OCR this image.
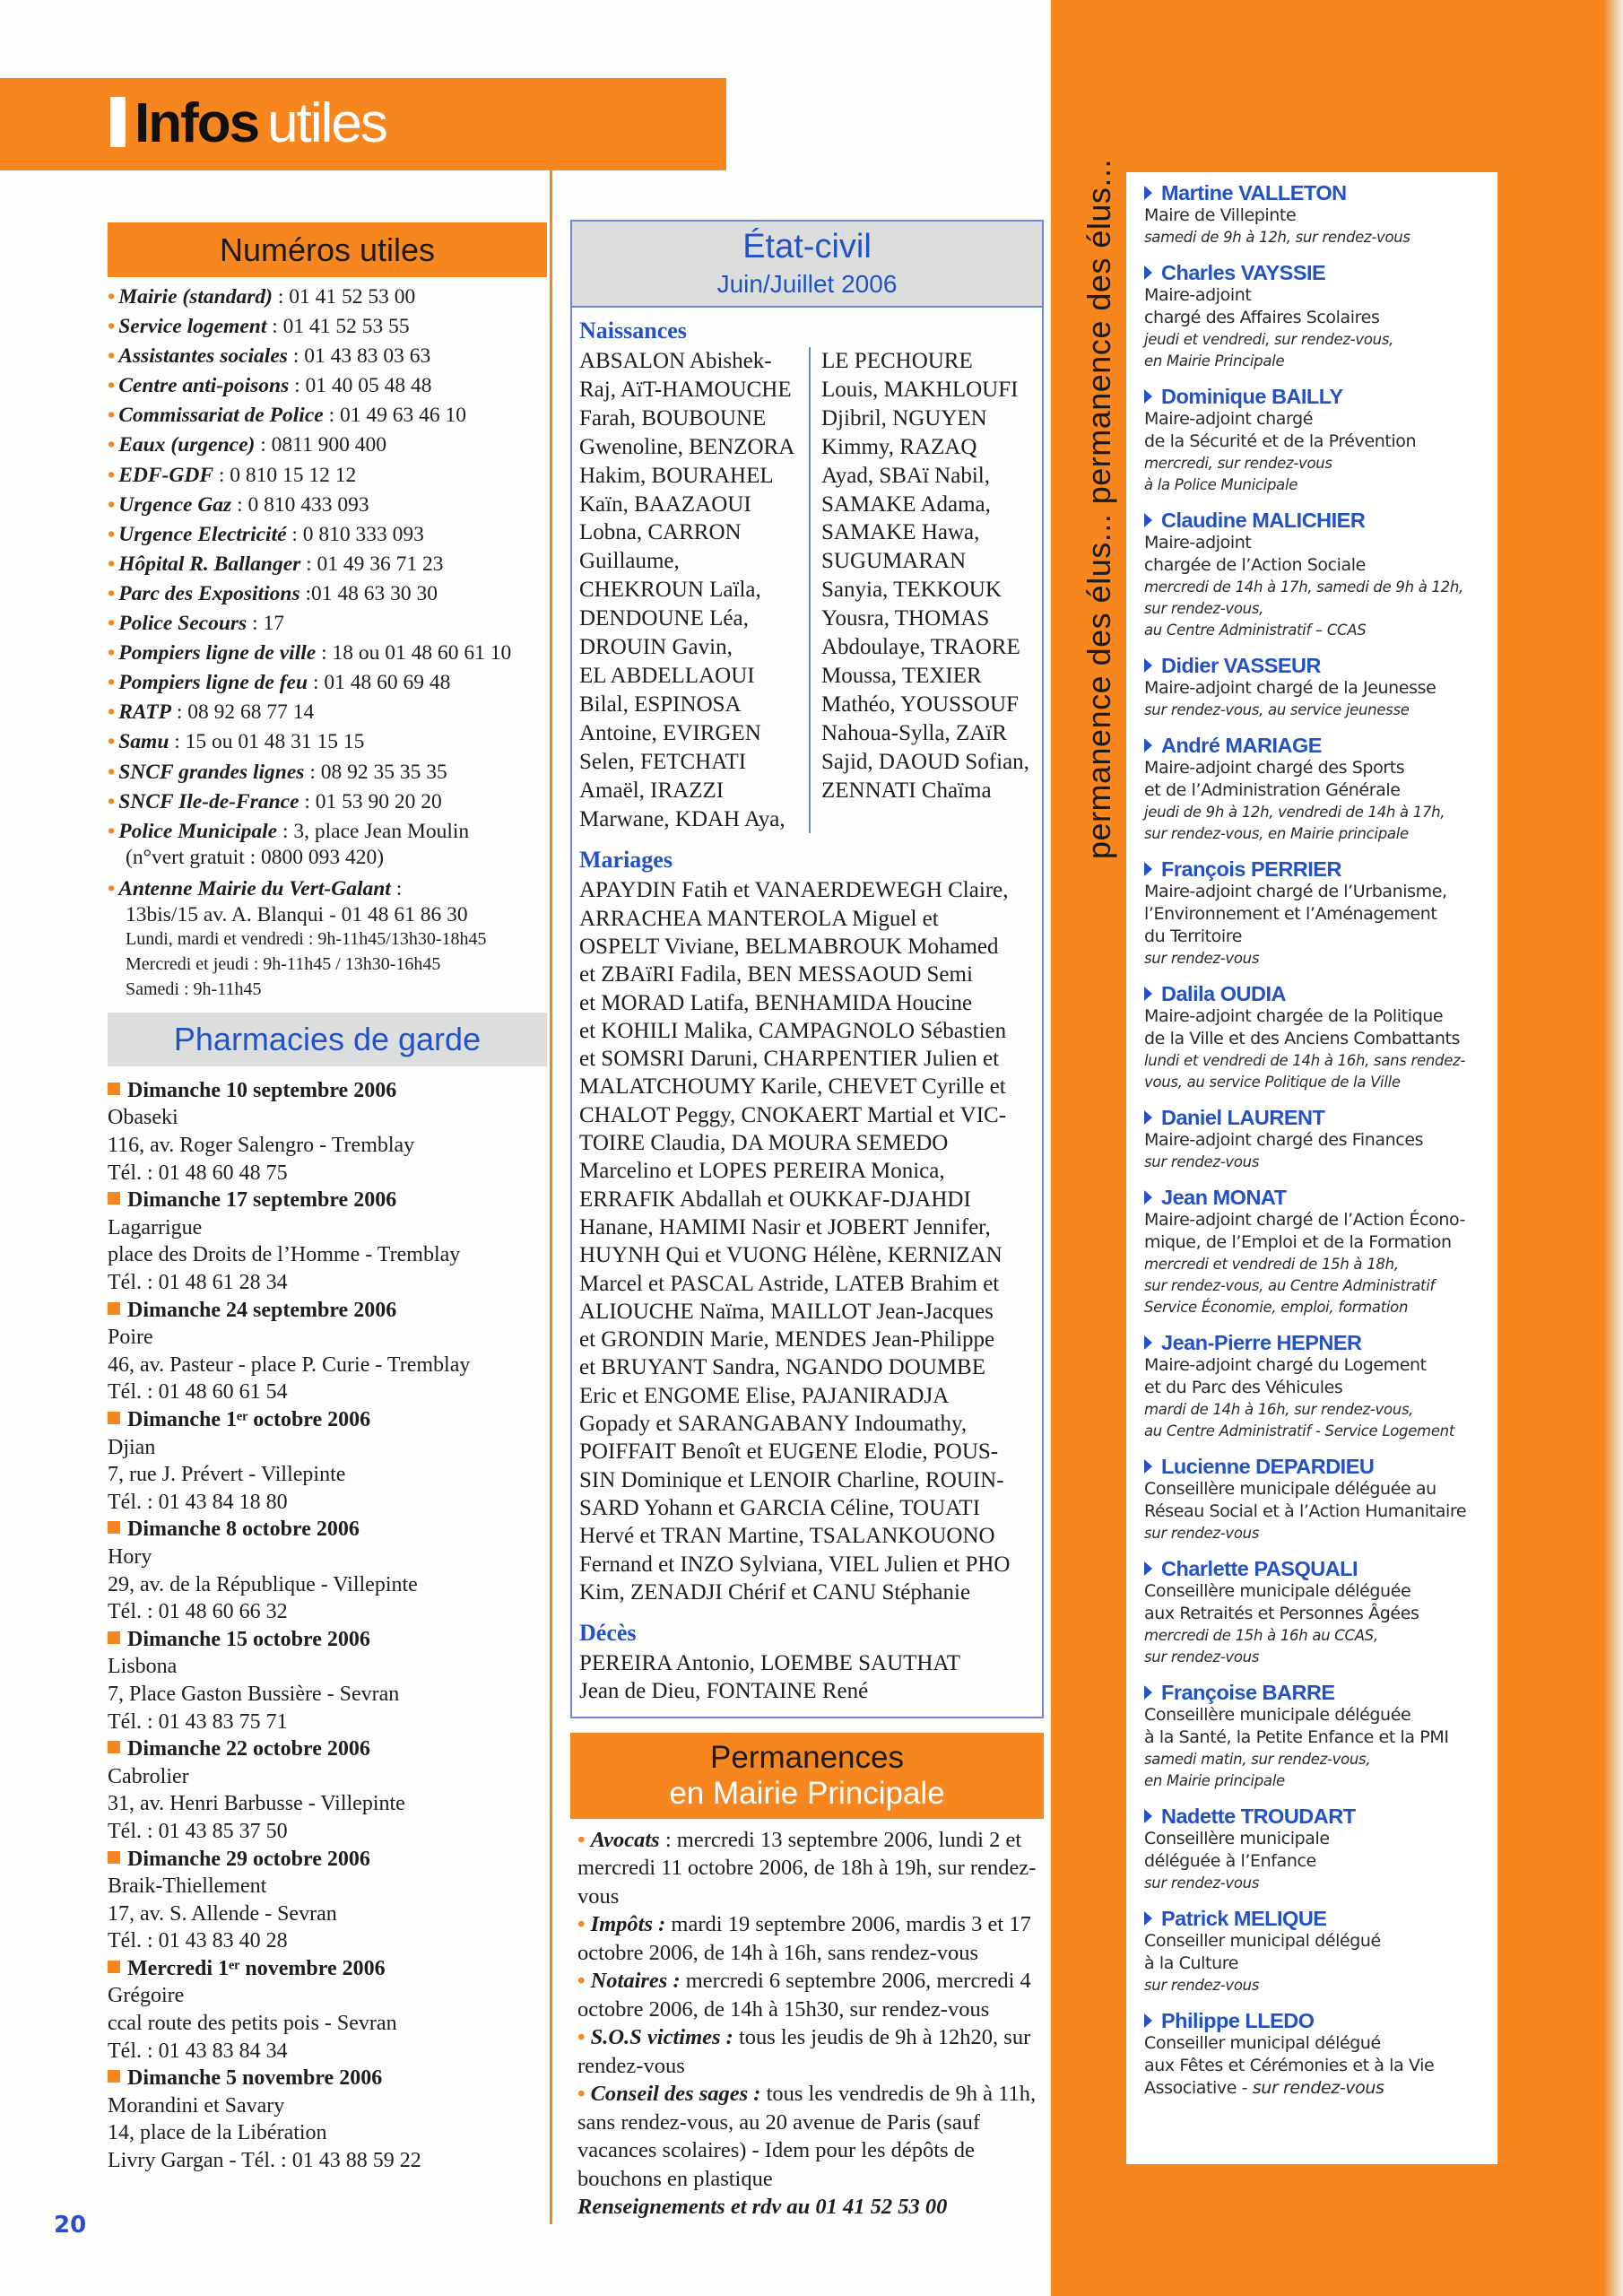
Infos utiles
Numéros utiles
• Mairie (standard) : 01 41 52 53 00
• Service logement : 01 41 52 53 55
• Assistantes sociales : 01 43 83 03 63
• Centre anti-poisons : 01 40 05 48 48
• Commissariat de Police : 01 49 63 46 10
• Eaux (urgence) : 0811 900 400
• EDF-GDF : 0 810 15 12 12
• Urgence Gaz : 0 810 433 093
• Urgence Electricité : 0 810 333 093
• Hôpital R. Ballanger : 01 49 36 71 23
• Parc des Expositions :01 48 63 30 30
• Police Secours : 17
• Pompiers ligne de ville : 18 ou 01 48 60 61 10
• Pompiers ligne de feu : 01 48 60 69 48
• RATP : 08 92 68 77 14
• Samu : 15 ou 01 48 31 15 15
• SNCF grandes lignes : 08 92 35 35 35
• SNCF Ile-de-France : 01 53 90 20 20
• Police Municipale : 3, place Jean Moulin
(n°vert gratuit : 0800 093 420)
• Antenne Mairie du Vert-Galant :
13bis/15 av. A. Blanqui - 01 48 61 86 30
Lundi, mardi et vendredi : 9h-11h45/13h30-18h45
Mercredi et jeudi : 9h-11h45 / 13h30-16h45
Samedi : 9h-11h45
Pharmacies de garde
Dimanche 10 septembre 2006
Obaseki
116, av. Roger Salengro - Tremblay
Tél. : 01 48 60 48 75
Dimanche 17 septembre 2006
Lagarrigue
place des Droits de l’Homme - Tremblay
Tél. : 01 48 61 28 34
Dimanche 24 septembre 2006
Poire
46, av. Pasteur - place P. Curie - Tremblay
Tél. : 01 48 60 61 54
Dimanche 1ᵉʳ octobre 2006
Djian
7, rue J. Prévert - Villepinte
Tél. : 01 43 84 18 80
Dimanche 8 octobre 2006
Hory
29, av. de la République - Villepinte
Tél. : 01 48 60 66 32
Dimanche 15 octobre 2006
Lisbona
7, Place Gaston Bussière - Sevran
Tél. : 01 43 83 75 71
Dimanche 22 octobre 2006
Cabrolier
31, av. Henri Barbusse - Villepinte
Tél. : 01 43 85 37 50
Dimanche 29 octobre 2006
Braik-Thiellement
17, av. S. Allende - Sevran
Tél. : 01 43 83 40 28
Mercredi 1ᵉʳ novembre 2006
Grégoire
ccal route des petits pois - Sevran
Tél. : 01 43 83 84 34
Dimanche 5 novembre 2006
Morandini et Savary
14, place de la Libération
Livry Gargan - Tél. : 01 43 88 59 22
État-civil
Juin/Juillet 2006
Naissances
ABSALON Abishek-
Raj, AïT-HAMOUCHE
Farah, BOUBOUNE
Gwenoline, BENZORA
Hakim, BOURAHEL
Kaïn, BAAZAOUI
Lobna, CARRON
Guillaume,
CHEKROUN Laïla,
DENDOUNE Léa,
DROUIN Gavin,
EL ABDELLAOUI
Bilal, ESPINOSA
Antoine, EVIRGEN
Selen, FETCHATI
Amaël, IRAZZI
Marwane, KDAH Aya,
LE PECHOURE
Louis, MAKHLOUFI
Djibril, NGUYEN
Kimmy, RAZAQ
Ayad, SBAï Nabil,
SAMAKE Adama,
SAMAKE Hawa,
SUGUMARAN
Sanyia, TEKKOUK
Yousra, THOMAS
Abdoulaye, TRAORE
Moussa, TEXIER
Mathéo, YOUSSOUF
Nahoua-Sylla, ZAïR
Sajid, DAOUD Sofian,
ZENNATI Chaïma
Mariages
APAYDIN Fatih et VANAERDEWEGH Claire,
ARRACHEA MANTEROLA Miguel et
OSPELT Viviane, BELMABROUK Mohamed
et ZBAïRI Fadila, BEN MESSAOUD Semi
et MORAD Latifa, BENHAMIDA Houcine
et KOHILI Malika, CAMPAGNOLO Sébastien
et SOMSRI Daruni, CHARPENTIER Julien et
MALATCHOUMY Karile, CHEVET Cyrille et
CHALOT Peggy, CNOKAERT Martial et VIC-
TOIRE Claudia, DA MOURA SEMEDO
Marcelino et LOPES PEREIRA Monica,
ERRAFIK Abdallah et OUKKAF-DJAHDI
Hanane, HAMIMI Nasir et JOBERT Jennifer,
HUYNH Qui et VUONG Hélène, KERNIZAN
Marcel et PASCAL Astride, LATEB Brahim et
ALIOUCHE Naïma, MAILLOT Jean-Jacques
et GRONDIN Marie, MENDES Jean-Philippe
et BRUYANT Sandra, NGANDO DOUMBE
Eric et ENGOME Elise, PAJANIRADJA
Gopady et SARANGABANY Indoumathy,
POIFFAIT Benoît et EUGENE Elodie, POUS-
SIN Dominique et LENOIR Charline, ROUIN-
SARD Yohann et GARCIA Céline, TOUATI
Hervé et TRAN Martine, TSALANKOUONO
Fernand et INZO Sylviana, VIEL Julien et PHO
Kim, ZENADJI Chérif et CANU Stéphanie
Décès
PEREIRA Antonio, LOEMBE SAUTHAT
Jean de Dieu, FONTAINE René
Permanences
en Mairie Principale
• Avocats : mercredi 13 septembre 2006, lundi 2 et mercredi 11 octobre 2006, de 18h à 19h, sur rendez-vous
• Impôts : mardi 19 septembre 2006, mardis 3 et 17 octobre 2006, de 14h à 16h, sans rendez-vous
• Notaires : mercredi 6 septembre 2006, mercredi 4 octobre 2006, de 14h à 15h30, sur rendez-vous
• S.O.S victimes : tous les jeudis de 9h à 12h20, sur rendez-vous
• Conseil des sages : tous les vendredis de 9h à 11h, sans rendez-vous, au 20 avenue de Paris (sauf vacances scolaires) - Idem pour les dépôts de bouchons en plastique
Renseignements et rdv au 01 41 52 53 00
permanence des élus... permanence des élus...	Martine VALLETON
Maire de Villepinte
samedi de 9h à 12h, sur rendez-vous
Charles VAYSSIE
Maire-adjoint
chargé des Affaires Scolaires
jeudi et vendredi, sur rendez-vous,
en Mairie Principale
Dominique BAILLY
Maire-adjoint chargé
de la Sécurité et de la Prévention
mercredi, sur rendez-vous
à la Police Municipale
Claudine MALICHIER
Maire-adjoint
chargée de l’Action Sociale
mercredi de 14h à 17h, samedi de 9h à 12h,
sur rendez-vous,
au Centre Administratif – CCAS
Didier VASSEUR
Maire-adjoint chargé de la Jeunesse
sur rendez-vous, au service jeunesse
André MARIAGE
Maire-adjoint chargé des Sports
et de l’Administration Générale
jeudi de 9h à 12h, vendredi de 14h à 17h,
sur rendez-vous, en Mairie principale
François PERRIER
Maire-adjoint chargé de l’Urbanisme,
l’Environnement et l’Aménagement
du Territoire
sur rendez-vous
Dalila OUDIA
Maire-adjoint chargée de la Politique
de la Ville et des Anciens Combattants
lundi et vendredi de 14h à 16h, sans rendez-
vous, au service Politique de la Ville
Daniel LAURENT
Maire-adjoint chargé des Finances
sur rendez-vous
Jean MONAT
Maire-adjoint chargé de l’Action Écono-
mique, de l’Emploi et de la Formation
mercredi et vendredi de 15h à 18h,
sur rendez-vous, au Centre Administratif
Service Économie, emploi, formation
Jean-Pierre HEPNER
Maire-adjoint chargé du Logement
et du Parc des Véhicules
mardi de 14h à 16h, sur rendez-vous,
au Centre Administratif - Service Logement
Lucienne DEPARDIEU
Conseillère municipale déléguée au
Réseau Social et à l’Action Humanitaire
sur rendez-vous
Charlette PASQUALI
Conseillère municipale déléguée
aux Retraités et Personnes Âgées
mercredi de 15h à 16h au CCAS,
sur rendez-vous
Françoise BARRE
Conseillère municipale déléguée
à la Santé, la Petite Enfance et la PMI
samedi matin, sur rendez-vous,
en Mairie principale
Nadette TROUDART
Conseillère municipale
déléguée à l’Enfance
sur rendez-vous
Patrick MELIQUE
Conseiller municipal délégué
à la Culture
sur rendez-vous
Philippe LLEDO
Conseiller municipal délégué
aux Fêtes et Cérémonies et à la Vie
Associative - sur rendez-vous
20
